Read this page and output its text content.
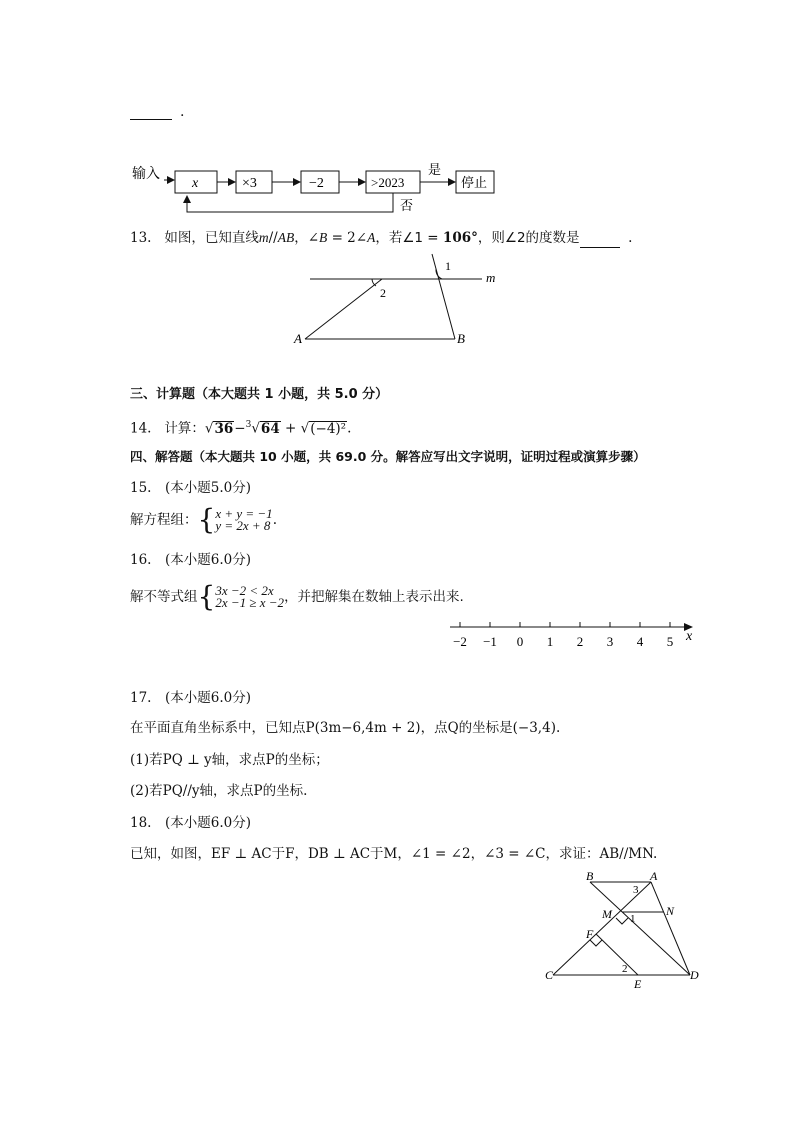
.
输入
x	×3	−2	>2023
是
停止
否
13. 如图，已知直线m//AB，∠B = 2∠A，若∠1 = 106°，则∠2的度数是	.
1
2
m
A	B
三、计算题（本大题共 1 小题，共 5.0 分）
14. 计算：√36−$^3$√64 + √(−4)².
四、解答题（本大题共 10 小题，共 69.0 分。解答应写出文字说明，证明过程或演算步骤）
15.　(本小题5.0分)
解方程组：{ x + y = −1
y = 2x + 8 .
16.　(本小题6.0分)
解不等式组{ 3x −2 < 2x
2x −1 ≥ x −2 ，并把解集在数轴上表示出来.
−2 −1 0 1 2 3 4 5 x
17.　(本小题6.0分)
在平面直角坐标系中，已知点P(3m−6,4m + 2)，点Q的坐标是(−3,4).
(1)若PQ ⊥ y轴，求点P的坐标；
(2)若PQ//y轴，求点P的坐标.
18.　(本小题6.0分)
已知，如图，EF ⊥ AC于F，DB ⊥ AC于M，∠1 = ∠2，∠3 = ∠C，求证：AB//MN.
B	A
3
M 1
N
F
2
C
E
D
